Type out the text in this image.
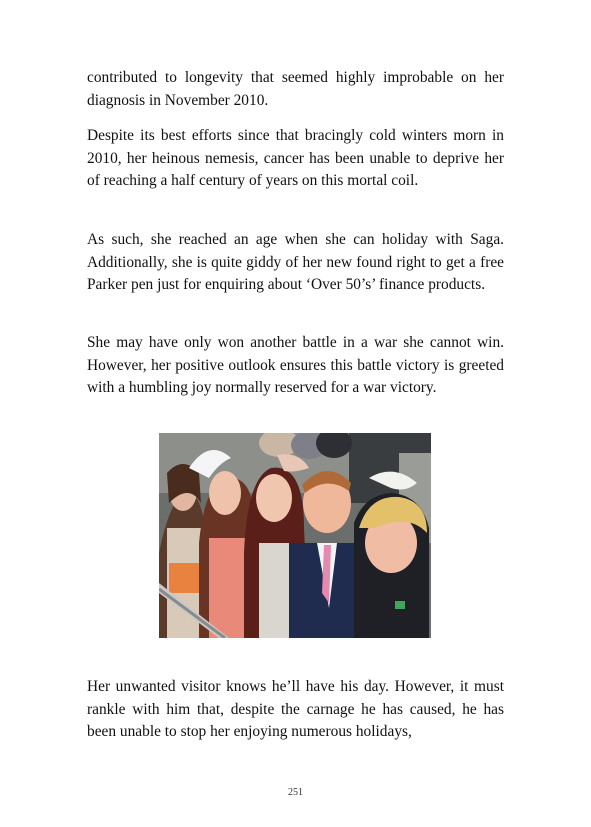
contributed to longevity that seemed highly improbable on her diagnosis in November 2010.

Despite its best efforts since that bracingly cold winters morn in 2010, her heinous nemesis, cancer has been unable to deprive her of reaching a half century of years on this mortal coil.

As such, she reached an age when she can holiday with Saga. Additionally, she is quite giddy of her new found right to get a free Parker pen just for enquiring about ‘Over 50’s’ finance products.

She may have only won another battle in a war she cannot win. However, her positive outlook ensures this battle victory is greeted with a humbling joy normally reserved for a war victory.

Her unwanted visitor knows he’ll have his day. However, it must rankle with him that, despite the carnage he has caused, he has been unable to stop her enjoying numerous holidays,

251
